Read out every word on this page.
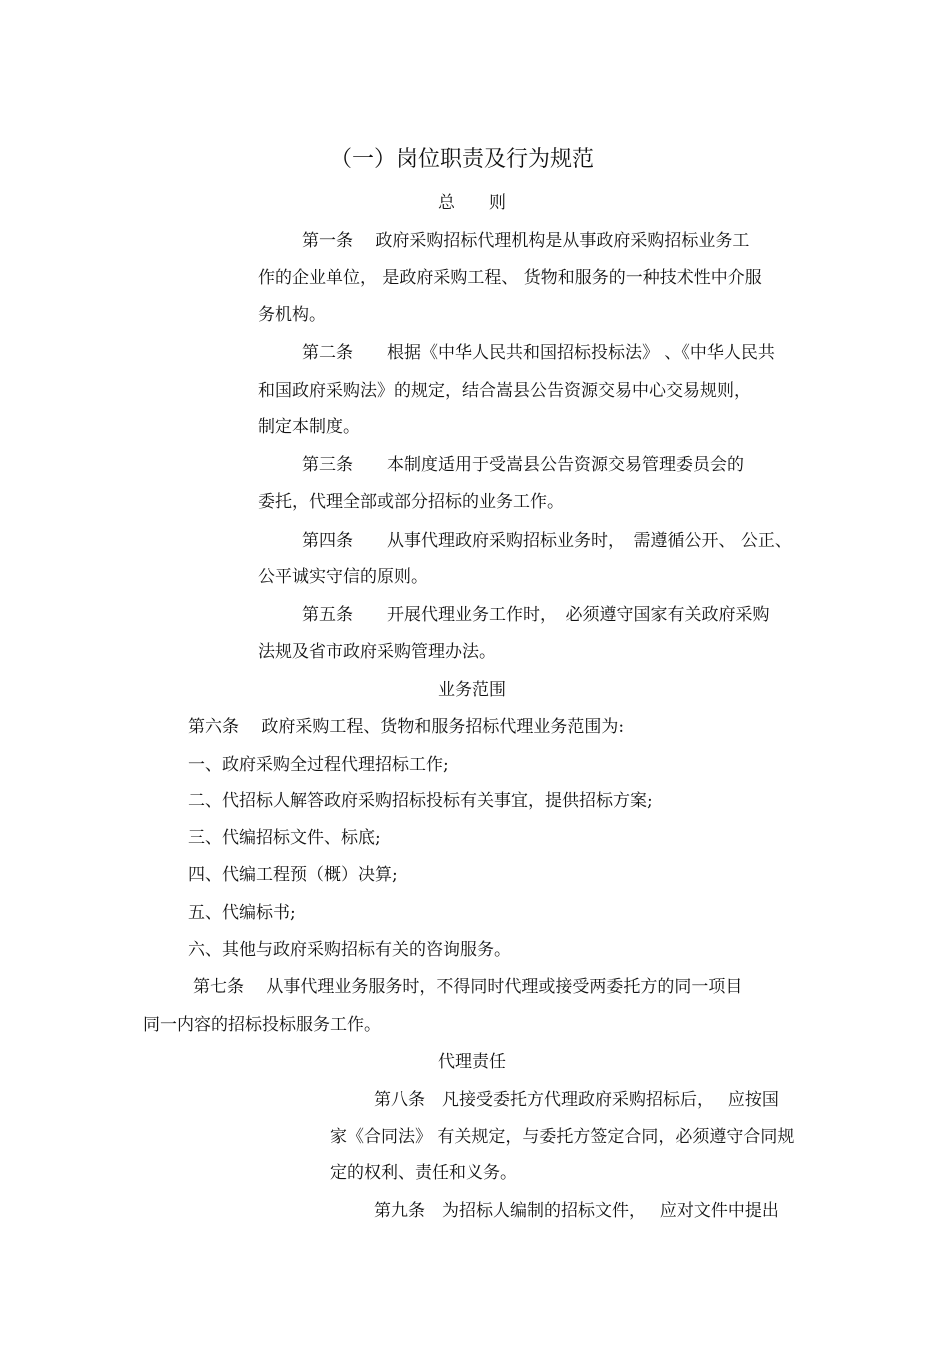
（一）岗位职责及行为规范
总　　则
第一条　 政府采购招标代理机构是从事政府采购招标业务工
作的企业单位， 是政府采购工程、 货物和服务的一种技术性中介服
务机构。
第二条　　根据《中华人民共和国招标投标法》 、《中华人民共
和国政府采购法》的规定，结合嵩县公告资源交易中心交易规则，
制定本制度。
第三条　　本制度适用于受嵩县公告资源交易管理委员会的
委托，代理全部或部分招标的业务工作。
第四条　　从事代理政府采购招标业务时，　需遵循公开、 公正、
公平诚实守信的原则。
第五条　　开展代理业务工作时，　必须遵守国家有关政府采购
法规及省市政府采购管理办法。
业务范围
第六条　 政府采购工程、货物和服务招标代理业务范围为:
一、政府采购全过程代理招标工作;
二、代招标人解答政府采购招标投标有关事宜，提供招标方案;
三、代编招标文件、标底;
四、代编工程预（概）决算;
五、代编标书;
六、其他与政府采购招标有关的咨询服务。
第七条　 从事代理业务服务时，不得同时代理或接受两委托方的同一项目
同一内容的招标投标服务工作。
代理责任
第八条　凡接受委托方代理政府采购招标后，　 应按国
家《合同法》 有关规定，与委托方签定合同，必须遵守合同规
定的权利、责任和义务。
第九条　为招标人编制的招标文件，　 应对文件中提出
